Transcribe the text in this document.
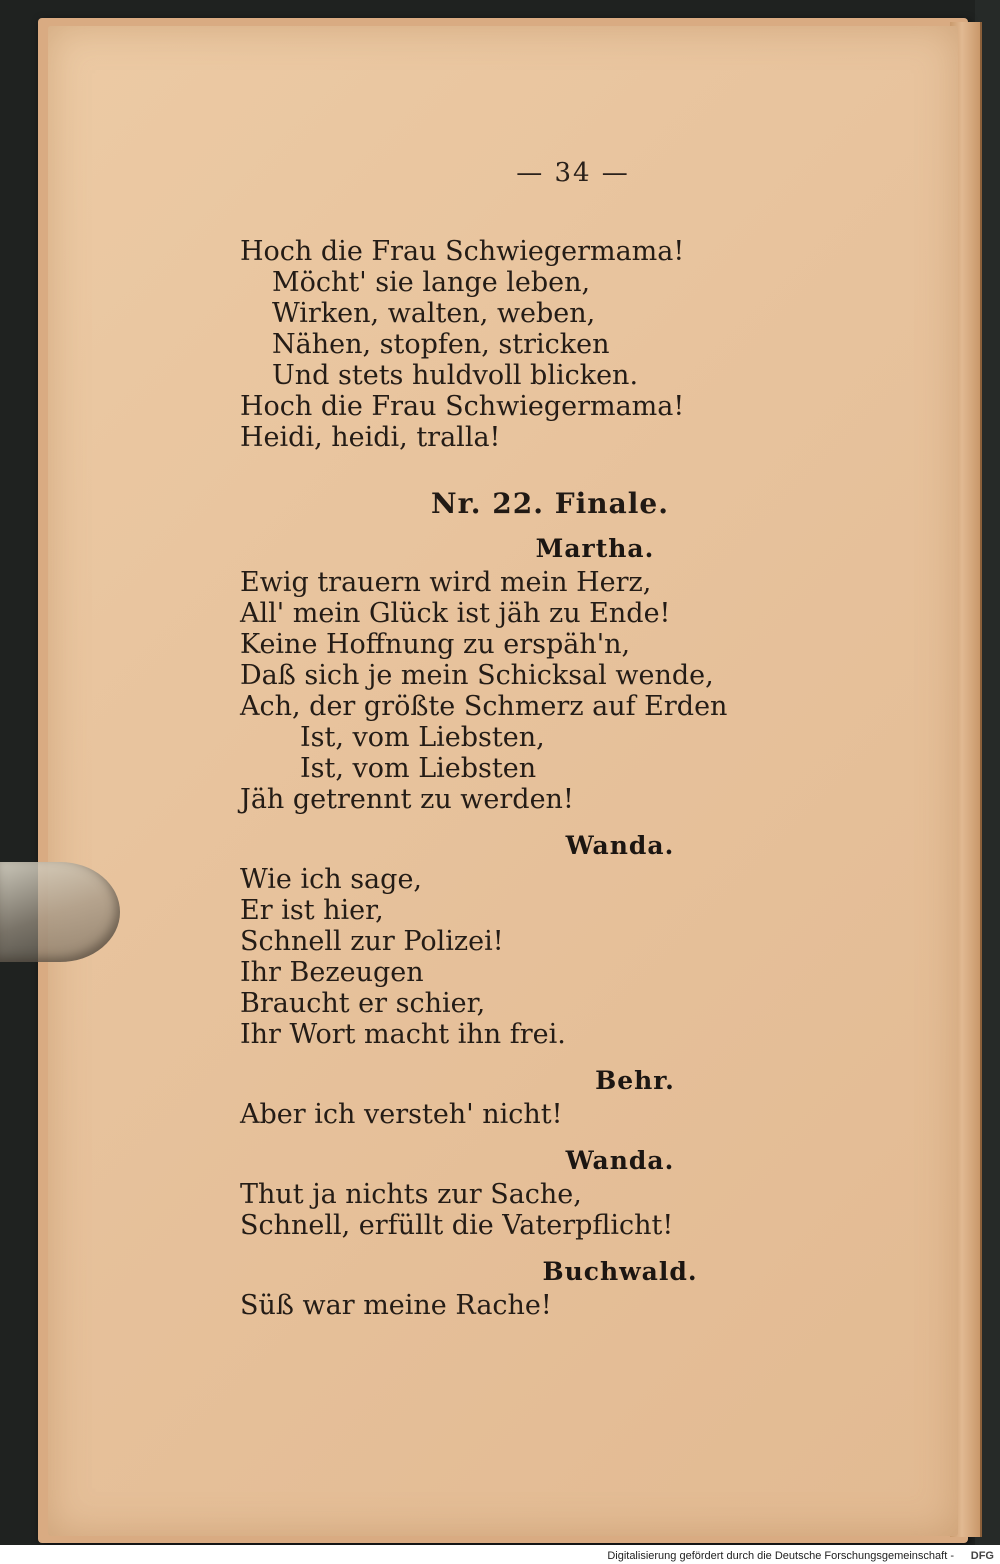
— 34 —
Hoch die Frau Schwiegermama!
Möcht' sie lange leben,
Wirken, walten, weben,
Nähen, stopfen, stricken
Und stets huldvoll blicken.
Hoch die Frau Schwiegermama!
Heidi, heidi, tralla!
Nr. 22. Finale.
Martha.
Ewig trauern wird mein Herz,
All' mein Glück ist jäh zu Ende!
Keine Hoffnung zu erspäh'n,
Daß sich je mein Schicksal wende,
Ach, der größte Schmerz auf Erden
Ist, vom Liebsten,
Ist, vom Liebsten
Jäh getrennt zu werden!
Wanda.
Wie ich sage,
Er ist hier,
Schnell zur Polizei!
Ihr Bezeugen
Braucht er schier,
Ihr Wort macht ihn frei.
Behr.
Aber ich versteh' nicht!
Wanda.
Thut ja nichts zur Sache,
Schnell, erfüllt die Vaterpflicht!
Buchwald.
Süß war meine Rache!
Digitalisierung gefördert durch die Deutsche Forschungsgemeinschaft - DFG
